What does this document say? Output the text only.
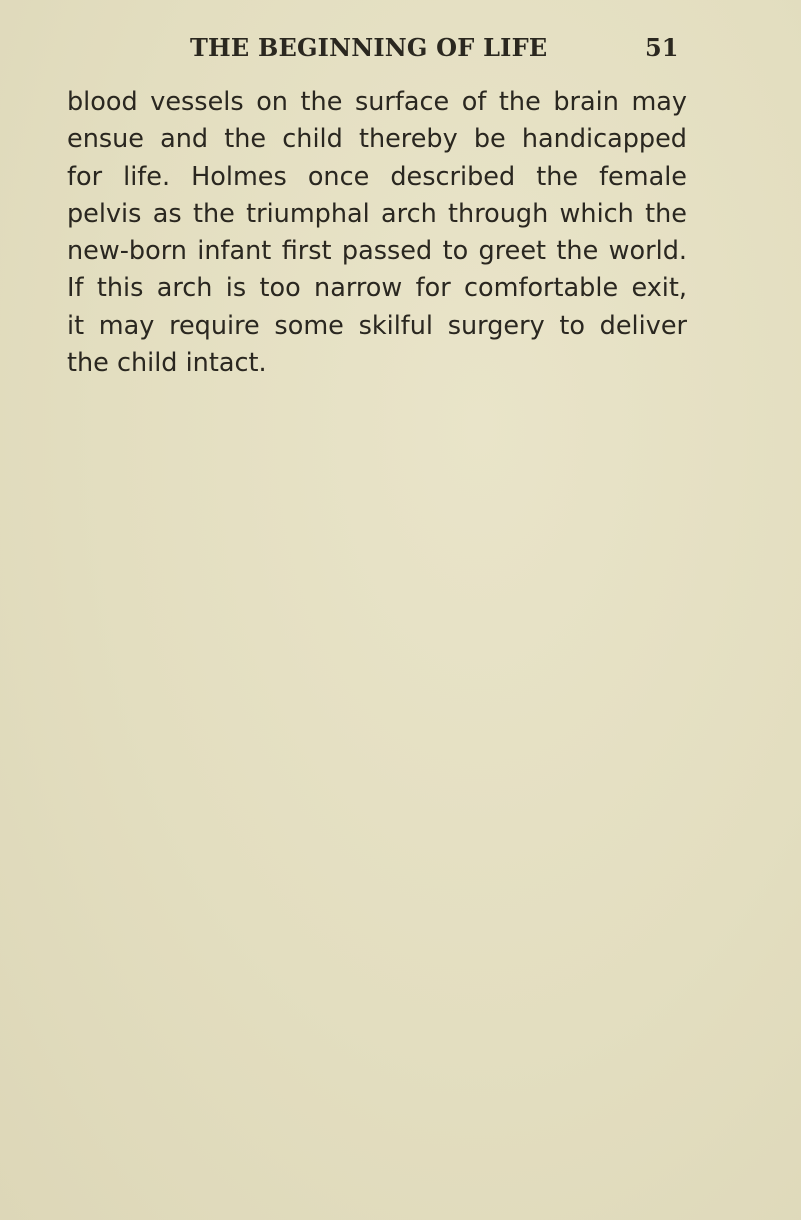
THE BEGINNING OF LIFE	51
blood vessels on the surface of the brain may
ensue and the child thereby be handicapped
for life. Holmes once described the female
pelvis as the triumphal arch through which the
new-born infant first passed to greet the world.
If this arch is too narrow for comfortable exit,
it may require some skilful surgery to deliver
the child intact.
